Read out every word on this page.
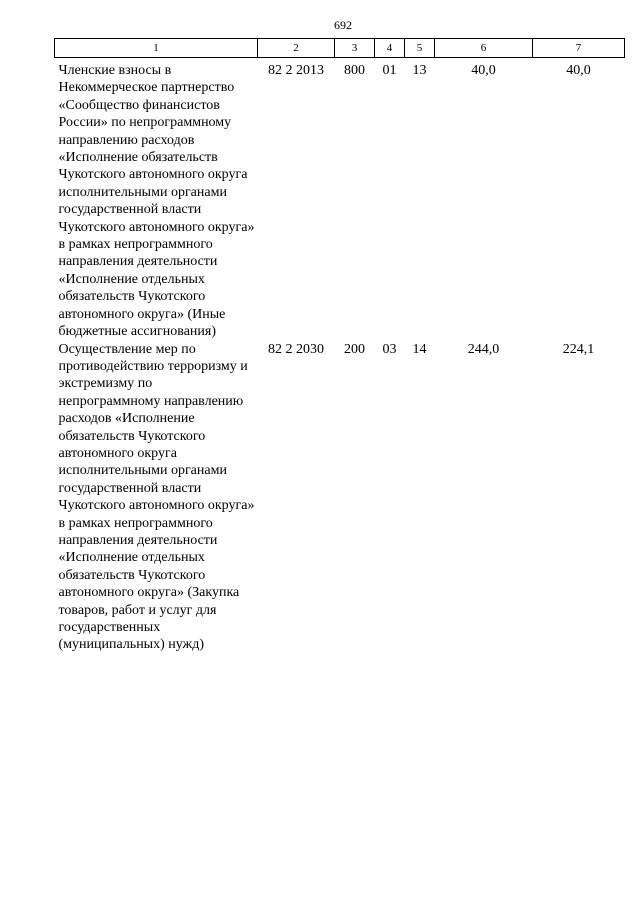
692
1	2	3	4	5	6	7
Членские взносы в Некоммерческое партнерство «Сообщество финансистов России» по непрограммному направлению расходов «Исполнение обязательств Чукотского автономного округа исполнительными органами государственной власти Чукотского автономного округа» в рамках непрограммного направления деятельности «Исполнение отдельных обязательств Чукотского автономного округа» (Иные бюджетные ассигнования)	82 2 2013	800	01	13	40,0	40,0
Осуществление мер по противодействию терроризму и экстремизму по непрограммному направлению расходов «Исполнение обязательств Чукотского автономного округа исполнительными органами государственной власти Чукотского автономного округа» в рамках непрограммного направления деятельности «Исполнение отдельных обязательств Чукотского автономного округа» (Закупка товаров, работ и услуг для государственных (муниципальных) нужд)	82 2 2030	200	03	14	244,0	224,1
